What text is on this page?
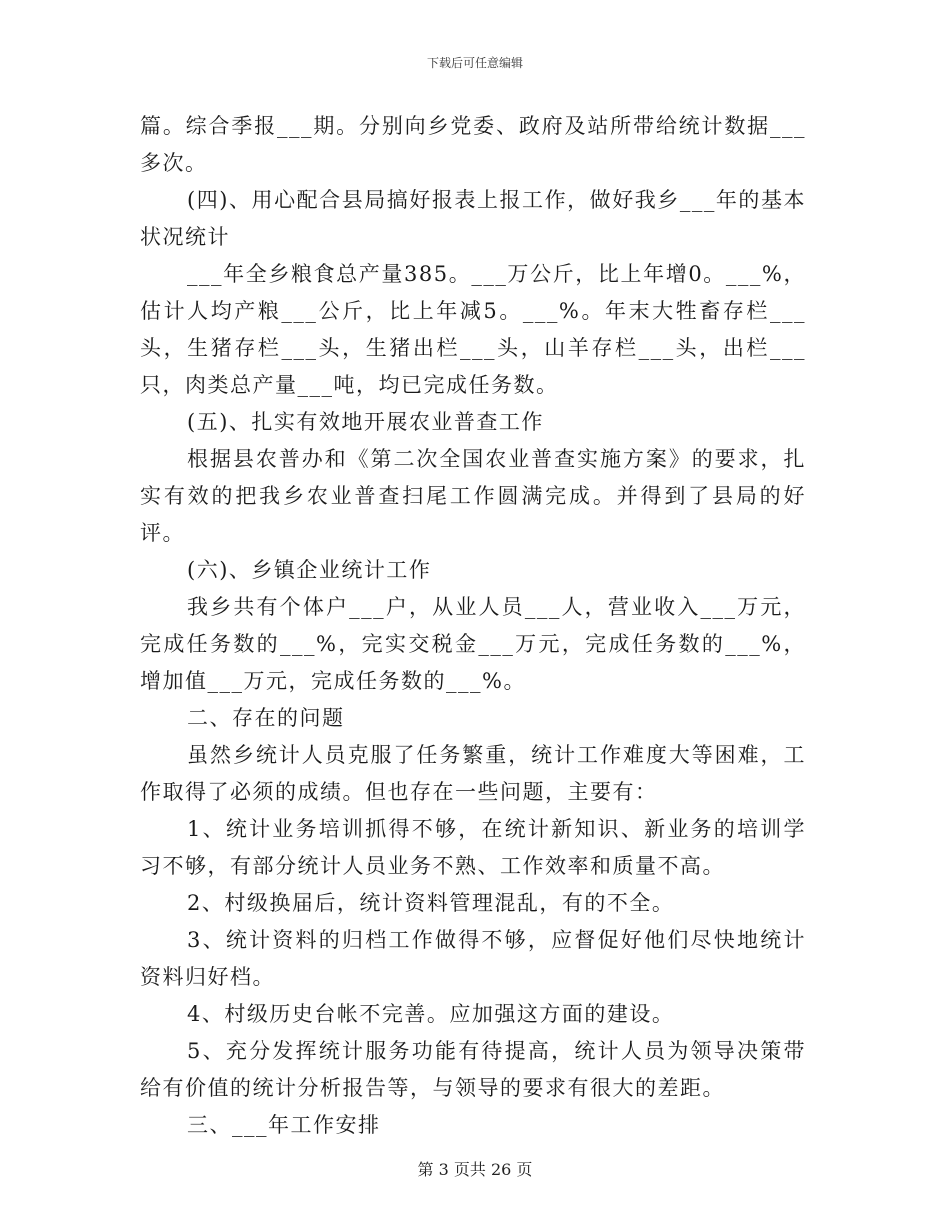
下载后可任意编辑

篇。综合季报___期。分别向乡党委、政府及站所带给统计数据___多次。

(四)、用心配合县局搞好报表上报工作，做好我乡___年的基本状况统计

___年全乡粮食总产量385。___万公斤，比上年增0。___%，估计人均产粮___公斤，比上年减5。___%。年末大牲畜存栏___头，生猪存栏___头，生猪出栏___头，山羊存栏___头，出栏___只，肉类总产量___吨，均已完成任务数。

(五)、扎实有效地开展农业普查工作

根据县农普办和《第二次全国农业普查实施方案》的要求，扎实有效的把我乡农业普查扫尾工作圆满完成。并得到了县局的好评。

(六)、乡镇企业统计工作

我乡共有个体户___户，从业人员___人，营业收入___万元，完成任务数的___%，完实交税金___万元，完成任务数的___%，增加值___万元，完成任务数的___%。

二、存在的问题

虽然乡统计人员克服了任务繁重，统计工作难度大等困难，工作取得了必须的成绩。但也存在一些问题，主要有：

1、统计业务培训抓得不够，在统计新知识、新业务的培训学习不够，有部分统计人员业务不熟、工作效率和质量不高。

2、村级换届后，统计资料管理混乱，有的不全。

3、统计资料的归档工作做得不够，应督促好他们尽快地统计资料归好档。

4、村级历史台帐不完善。应加强这方面的建设。

5、充分发挥统计服务功能有待提高，统计人员为领导决策带给有价值的统计分析报告等，与领导的要求有很大的差距。

三、___年工作安排

第 3 页共 26 页
